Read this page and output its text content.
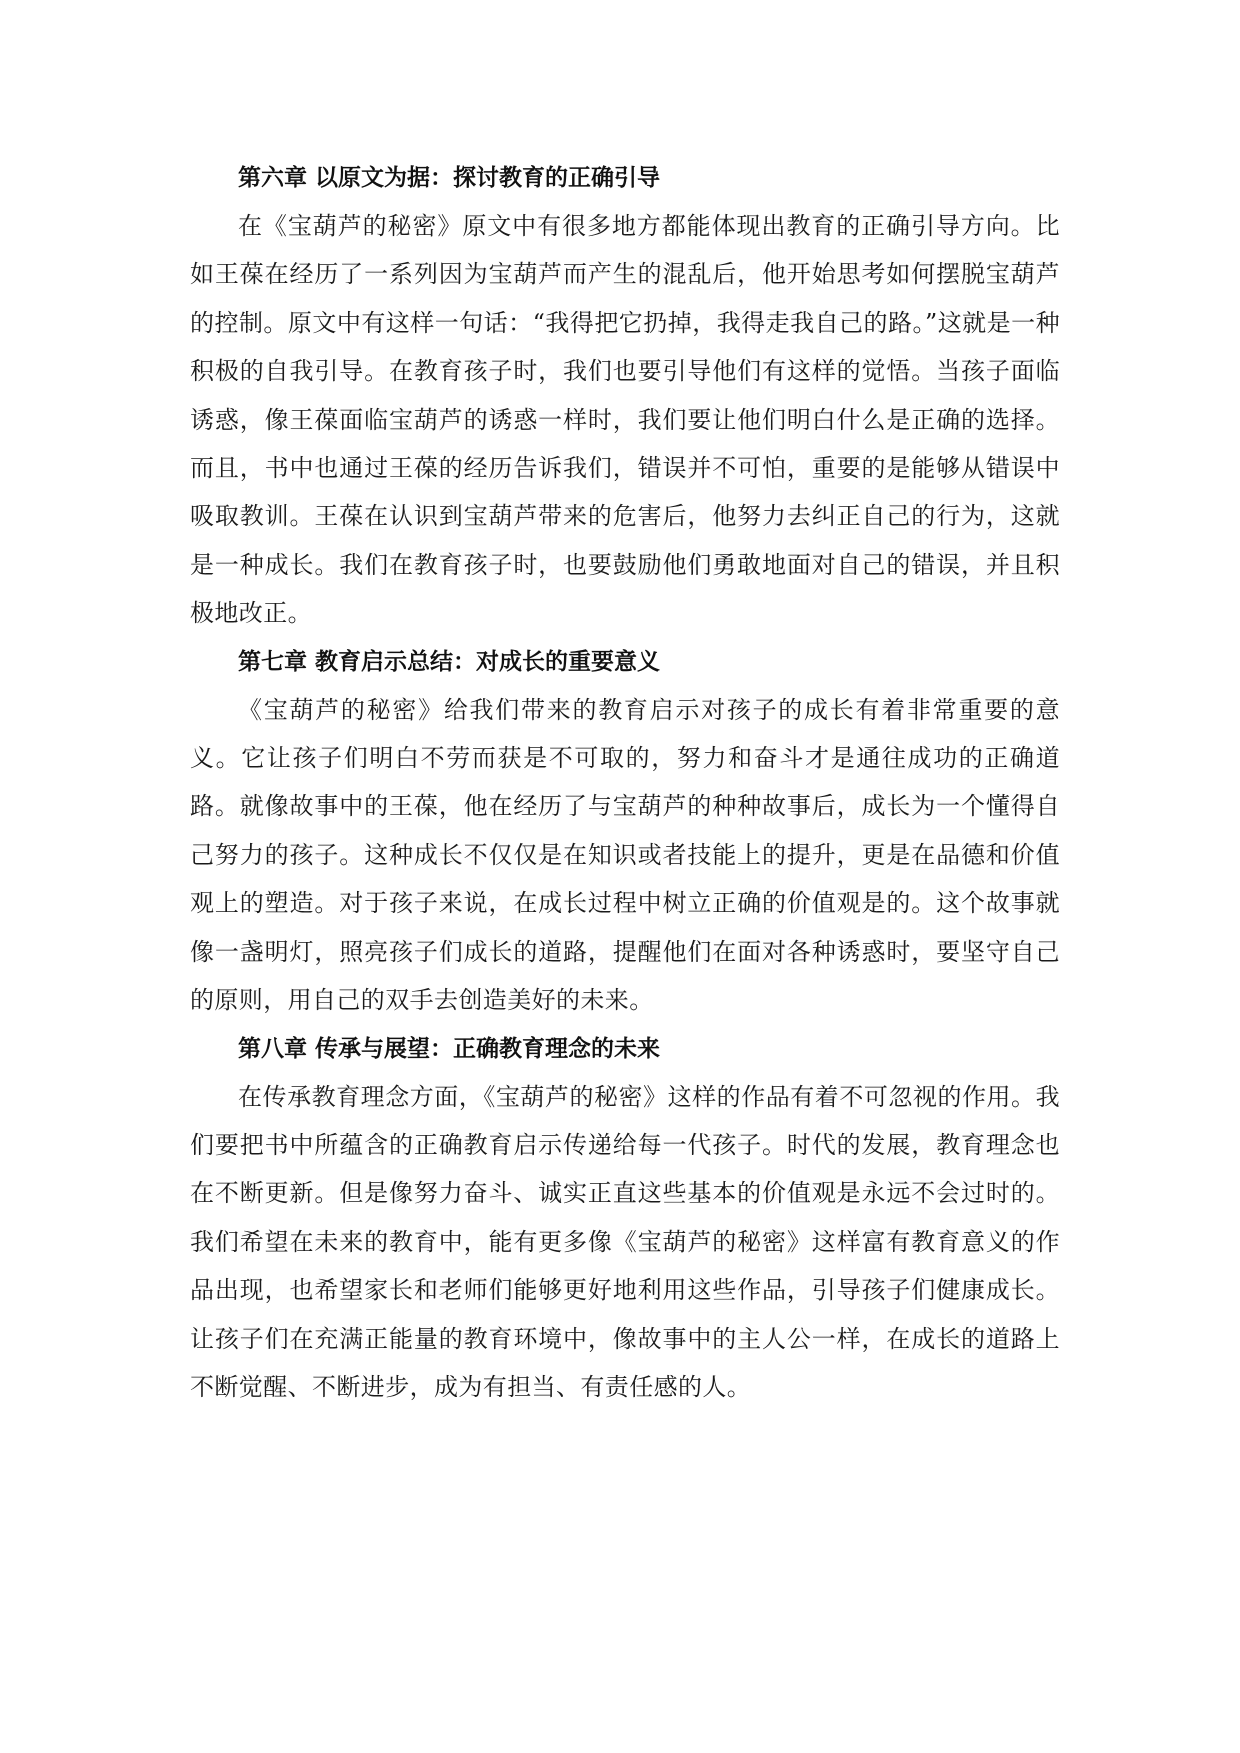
第六章 以原文为据：探讨教育的正确引导

在《宝葫芦的秘密》原文中有很多地方都能体现出教育的正确引导方向。比如王葆在经历了一系列因为宝葫芦而产生的混乱后，他开始思考如何摆脱宝葫芦的控制。原文中有这样一句话：“我得把它扔掉，我得走我自己的路。”这就是一种积极的自我引导。在教育孩子时，我们也要引导他们有这样的觉悟。当孩子面临诱惑，像王葆面临宝葫芦的诱惑一样时，我们要让他们明白什么是正确的选择。而且，书中也通过王葆的经历告诉我们，错误并不可怕，重要的是能够从错误中吸取教训。王葆在认识到宝葫芦带来的危害后，他努力去纠正自己的行为，这就是一种成长。我们在教育孩子时，也要鼓励他们勇敢地面对自己的错误，并且积极地改正。

第七章 教育启示总结：对成长的重要意义

《宝葫芦的秘密》给我们带来的教育启示对孩子的成长有着非常重要的意义。它让孩子们明白不劳而获是不可取的，努力和奋斗才是通往成功的正确道路。就像故事中的王葆，他在经历了与宝葫芦的种种故事后，成长为一个懂得自己努力的孩子。这种成长不仅仅是在知识或者技能上的提升，更是在品德和价值观上的塑造。对于孩子来说，在成长过程中树立正确的价值观是的。这个故事就像一盏明灯，照亮孩子们成长的道路，提醒他们在面对各种诱惑时，要坚守自己的原则，用自己的双手去创造美好的未来。

第八章 传承与展望：正确教育理念的未来

在传承教育理念方面，《宝葫芦的秘密》这样的作品有着不可忽视的作用。我们要把书中所蕴含的正确教育启示传递给每一代孩子。时代的发展，教育理念也在不断更新。但是像努力奋斗、诚实正直这些基本的价值观是永远不会过时的。我们希望在未来的教育中，能有更多像《宝葫芦的秘密》这样富有教育意义的作品出现，也希望家长和老师们能够更好地利用这些作品，引导孩子们健康成长。让孩子们在充满正能量的教育环境中，像故事中的主人公一样，在成长的道路上不断觉醒、不断进步，成为有担当、有责任感的人。
